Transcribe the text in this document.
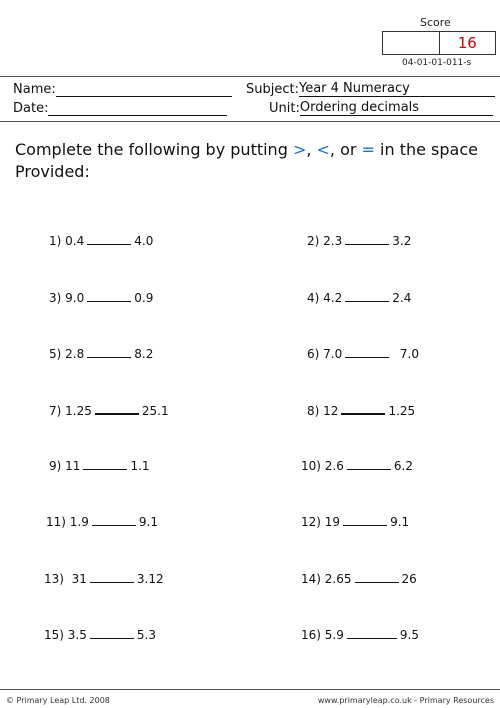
Score
16
04-01-01-011-s
Name:
Date:
Subject:Year 4 Numeracy
Unit:Ordering decimals
Complete the following by putting >, <, or = in the space
Provided:
1) 0.4	4.0
3) 9.0	0.9
5) 2.8	8.2
7) 1.25	25.1
9) 11	1.1
11) 1.9	9.1
13) 31	3.12
15) 3.5	5.3
2) 2.3	3.2
4) 4.2	2.4
6) 7.0	7.0
8) 12	1.25
10) 2.6	6.2
12) 19	9.1
14) 2.65	26
16) 5.9	9.5
© Primary Leap Ltd. 2008	www.primaryleap.co.uk - Primary Resources
